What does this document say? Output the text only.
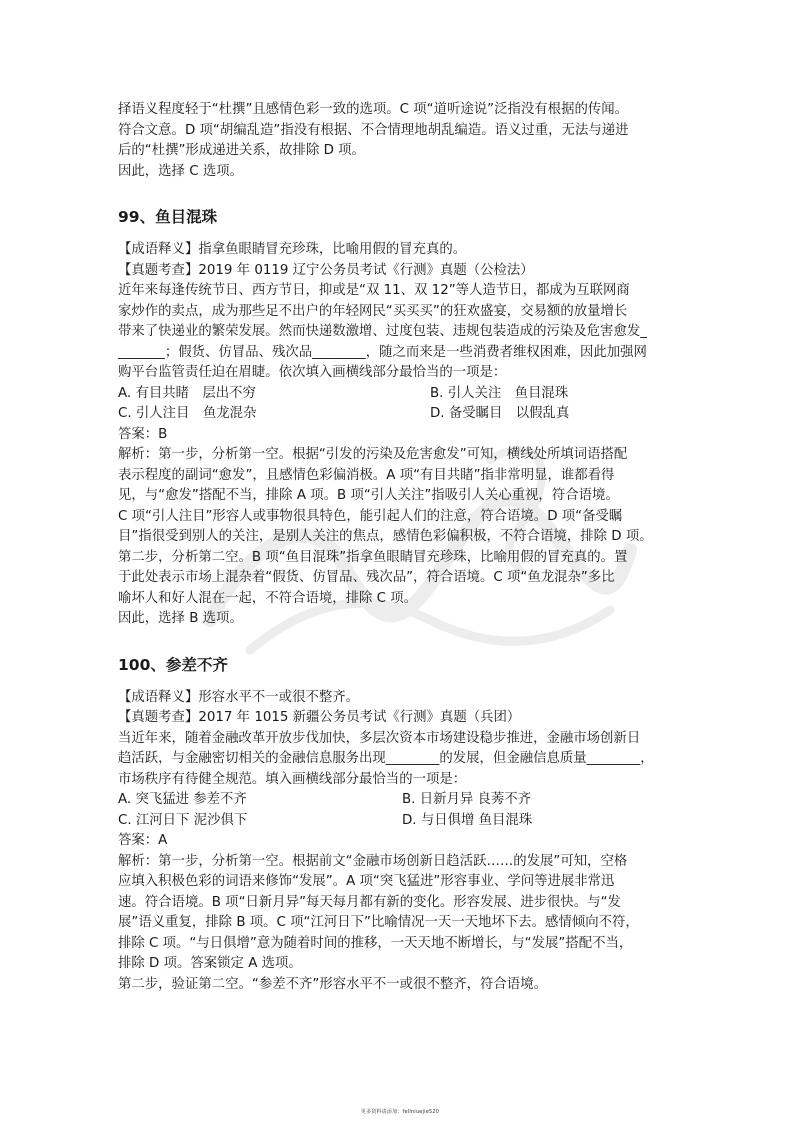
择语义程度轻于“杜撰”且感情色彩一致的选项。C 项“道听途说”泛指没有根据的传闻。

符合文意。D 项“胡编乱造”指没有根据、不合情理地胡乱编造。语义过重，无法与递进

后的“杜撰”形成递进关系，故排除 D 项。

因此，选择 C 选项。

99、鱼目混珠

【成语释义】指拿鱼眼睛冒充珍珠，比喻用假的冒充真的。

【真题考查】2019 年 0119 辽宁公务员考试《行测》真题（公检法）

近年来每逢传统节日、西方节日，抑或是“双 11、双 12”等人造节日，都成为互联网商

家炒作的卖点，成为那些足不出户的年轻网民“买买买”的狂欢盛宴，交易额的放量增长

带来了快递业的繁荣发展。然而快递数激增、过度包装、违规包装造成的污染及危害愈发_

_______；假货、仿冒品、残次品________，随之而来是一些消费者维权困难，因此加强网

购平台监管责任迫在眉睫。依次填入画横线部分最恰当的一项是：

A. 有目共睹　层出不穷	B. 引人关注　鱼目混珠
C. 引人注目　鱼龙混杂	D. 备受瞩目　以假乱真

答案：B

解析：第一步，分析第一空。根据“引发的污染及危害愈发”可知，横线处所填词语搭配

表示程度的副词“愈发”，且感情色彩偏消极。A 项“有目共睹”指非常明显，谁都看得

见，与“愈发”搭配不当，排除 A 项。B 项“引人关注”指吸引人关心重视，符合语境。

C 项“引人注目”形容人或事物很具特色，能引起人们的注意，符合语境。D 项“备受瞩

目”指很受到别人的关注，是别人关注的焦点，感情色彩偏积极，不符合语境，排除 D 项。

第二步，分析第二空。B 项“鱼目混珠”指拿鱼眼睛冒充珍珠，比喻用假的冒充真的。置

于此处表示市场上混杂着“假货、仿冒品、残次品”，符合语境。C 项“鱼龙混杂”多比

喻坏人和好人混在一起，不符合语境，排除 C 项。

因此，选择 B 选项。

100、参差不齐

【成语释义】形容水平不一或很不整齐。

【真题考查】2017 年 1015 新疆公务员考试《行测》真题（兵团）

当近年来，随着金融改革开放步伐加快，多层次资本市场建设稳步推进，金融市场创新日

趋活跃，与金融密切相关的金融信息服务出现________的发展，但金融信息质量________，

市场秩序有待健全规范。填入画横线部分最恰当的一项是：

A. 突飞猛进 参差不齐	B. 日新月异 良莠不齐
C. 江河日下 泥沙俱下	D. 与日俱增 鱼目混珠

答案：A

解析：第一步，分析第一空。根据前文“金融市场创新日趋活跃……的发展”可知，空格

应填入积极色彩的词语来修饰“发展”。A 项“突飞猛进”形容事业、学问等进展非常迅

速。符合语境。B 项“日新月异”每天每月都有新的变化。形容发展、进步很快。与“发

展”语义重复，排除 B 项。C 项“江河日下”比喻情况一天一天地坏下去。感情倾向不符，

排除 C 项。“与日俱增”意为随着时间的推移，一天天地不断增长，与“发展”搭配不当，

排除 D 项。答案锁定 A 选项。

第二步，验证第二空。“参差不齐”形容水平不一或很不整齐，符合语境。

更多资料请添加：fellniuejie520
